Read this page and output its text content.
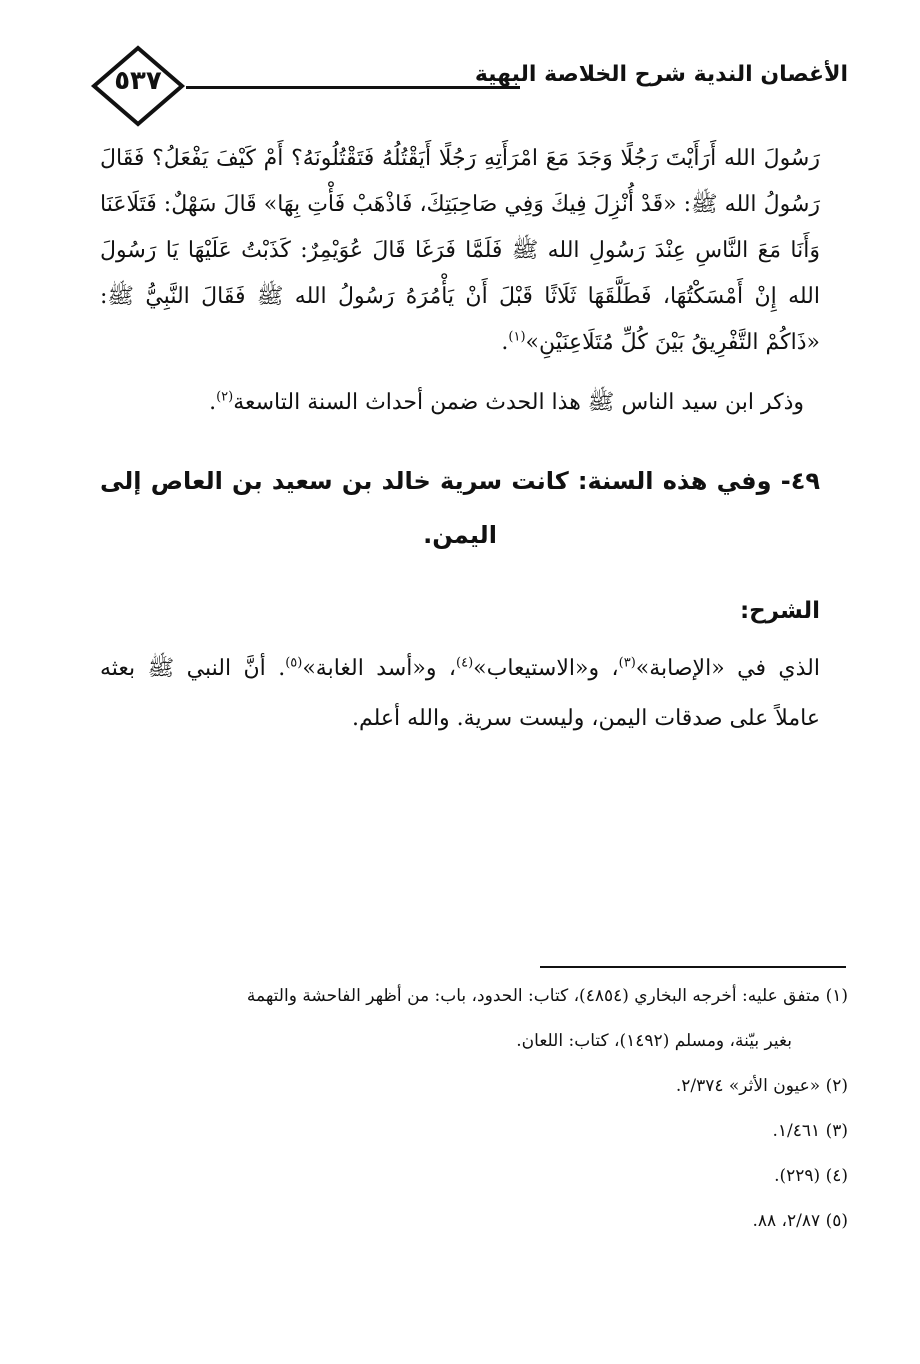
٥٣٧	الأغصان الندية شرح الخلاصة البهية

رَسُولَ الله أَرَأَيْتَ رَجُلًا وَجَدَ مَعَ امْرَأَتِهِ رَجُلًا أَيَقْتُلُهُ فَتَقْتُلُونَهُ؟ أَمْ كَيْفَ يَفْعَلُ؟ فَقَالَ رَسُولُ الله ﷺ: «قَدْ أُنْزِلَ فِيكَ وَفِي صَاحِبَتِكَ، فَاذْهَبْ فَأْتِ بِهَا» قَالَ سَهْلٌ: فَتَلَاعَنَا وَأَنَا مَعَ النَّاسِ عِنْدَ رَسُولِ الله ﷺ فَلَمَّا فَرَغَا قَالَ عُوَيْمِرٌ: كَذَبْتُ عَلَيْهَا يَا رَسُولَ الله إِنْ أَمْسَكْتُهَا، فَطَلَّقَهَا ثَلَاثًا قَبْلَ أَنْ يَأْمُرَهُ رَسُولُ الله ﷺ فَقَالَ النَّبِيُّ ﷺ: «ذَاكُمْ التَّفْرِيقُ بَيْنَ كُلِّ مُتَلَاعِنَيْنِ»$^{(١)}$.

وذكر ابن سيد الناس ﷺ هذا الحدث ضمن أحداث السنة التاسعة$^{(٢)}$.

٤٩- وفي هذه السنة: كانت سرية خالد بن سعيد بن العاص إلى اليمن.

الشرح:

الذي في «الإصابة»$^{(٣)}$، و«الاستيعاب»$^{(٤)}$، و«أسد الغابة»$^{(٥)}$. أنَّ النبي ﷺ بعثه عاملاً على صدقات اليمن، وليست سرية. والله أعلم.

(١) متفق عليه: أخرجه البخاري (٤٨٥٤)، كتاب: الحدود، باب: من أظهر الفاحشة والتهمة
بغير بيّنة، ومسلم (١٤٩٢)، كتاب: اللعان.
(٢) «عيون الأثر» ٢/٣٧٤.
(٣) ١/٤٦١.
(٤) (٢٢٩).
(٥) ٢/٨٧، ٨٨.
